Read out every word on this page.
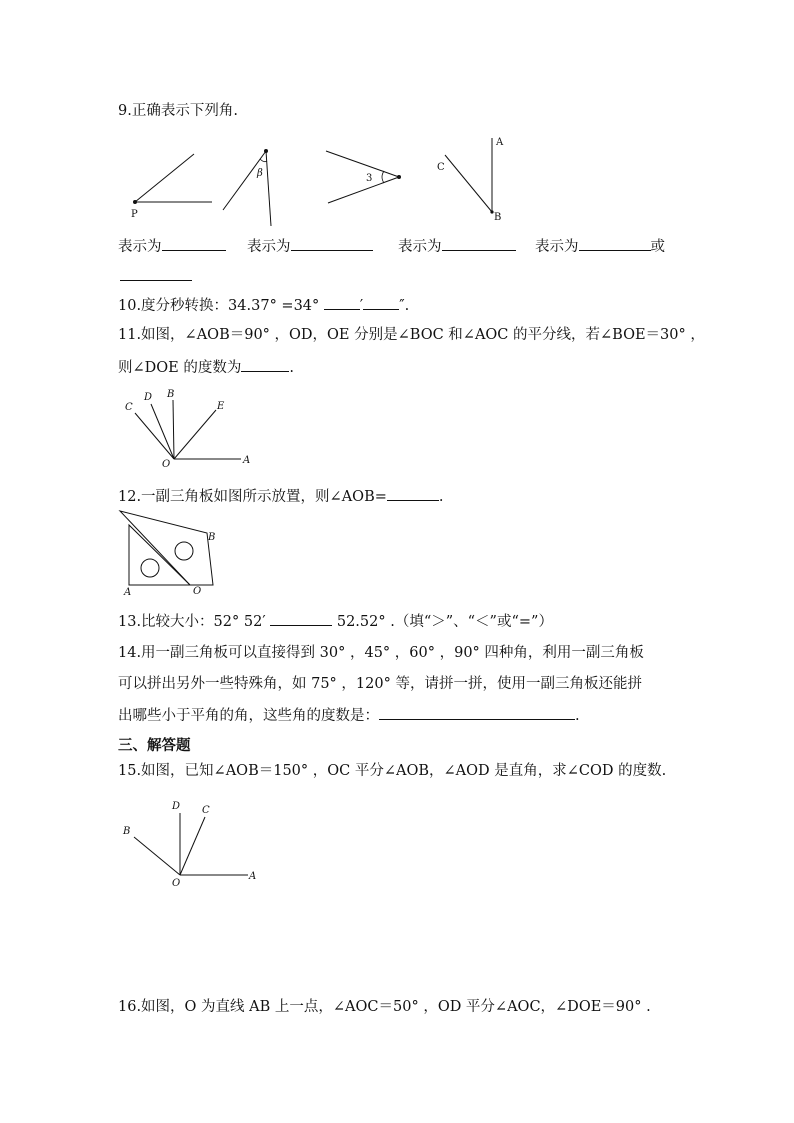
9.正确表示下列角.
P
β	3
C
A
B
表示为	表示为	表示为	表示为	或
10.度分秒转换：34.37° =34° ′ ″.
11.如图，∠AOB＝90° ，OD，OE 分别是∠BOC 和∠AOC 的平分线，若∠BOE＝30° ，
则∠DOE 的度数为	.
C
D B
E
O	A
12.一副三角板如图所示放置，则∠AOB=	.
A
B
O
13.比较大小：52° 52′	52.52° .（填“＞”、“＜”或“=”）
14.用一副三角板可以直接得到 30° ，45° ，60° ，90° 四种角，利用一副三角板
可以拼出另外一些特殊角，如 75° ，120° 等，请拼一拼，使用一副三角板还能拼
出哪些小于平角的角，这些角的度数是：	.
三、解答题
15.如图，已知∠AOB＝150° ，OC 平分∠AOB，∠AOD 是直角，求∠COD 的度数.
D C
B
O
A
16.如图，O 为直线 AB 上一点，∠AOC＝50° ，OD 平分∠AOC，∠DOE＝90° .
